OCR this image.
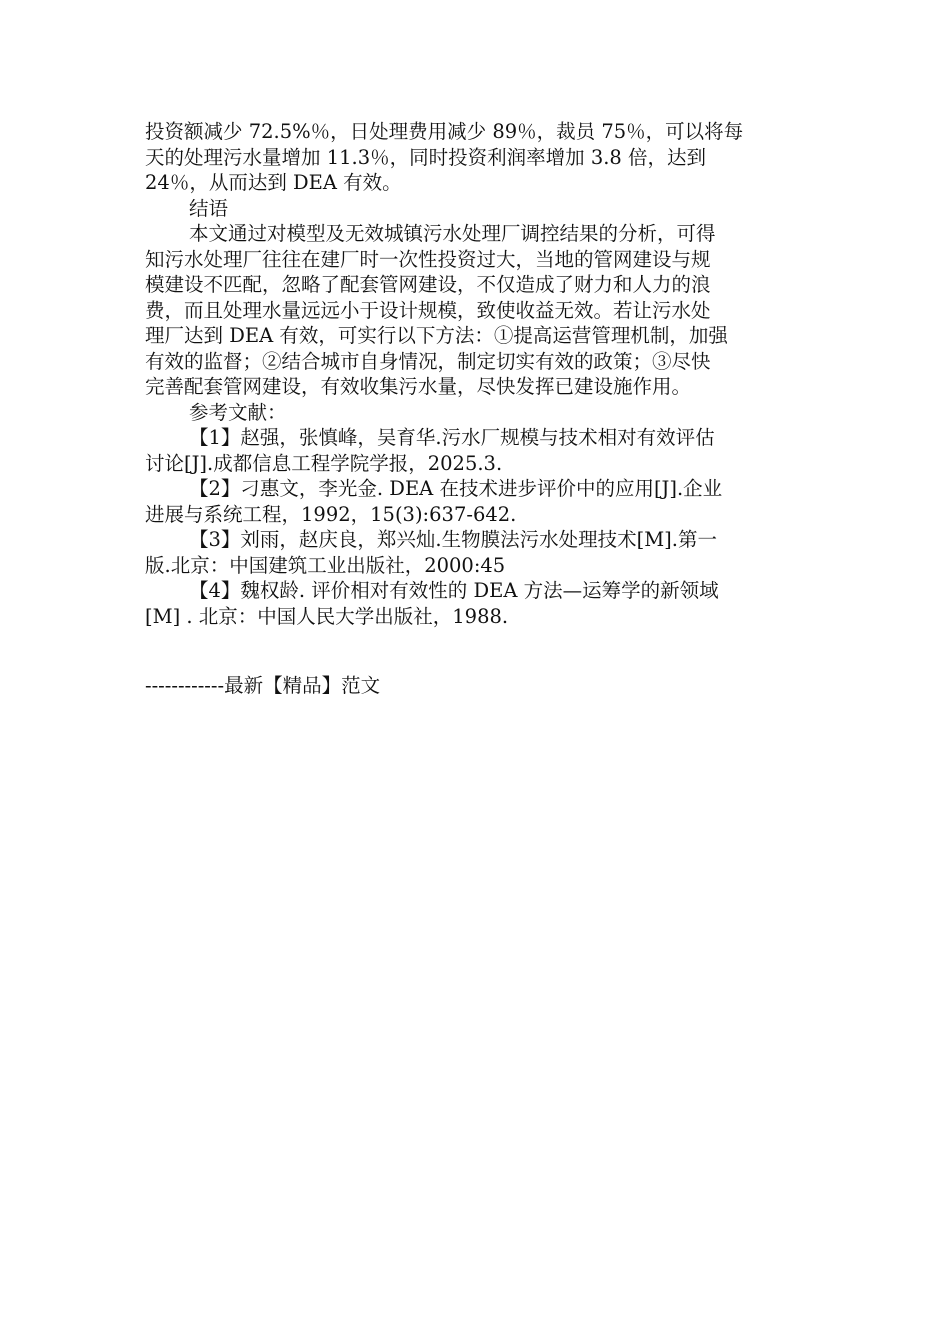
投资额减少 72.5%％，日处理费用减少 89％，裁员 75％，可以将每
天的处理污水量增加 11.3％，同时投资利润率增加 3.8 倍，达到
24％，从而达到 DEA 有效。
结语
本文通过对模型及无效城镇污水处理厂调控结果的分析，可得
知污水处理厂往往在建厂时一次性投资过大，当地的管网建设与规
模建设不匹配，忽略了配套管网建设，不仅造成了财力和人力的浪
费，而且处理水量远远小于设计规模，致使收益无效。若让污水处
理厂达到 DEA 有效，可实行以下方法：①提高运营管理机制，加强
有效的监督；②结合城市自身情况，制定切实有效的政策；③尽快
完善配套管网建设，有效收集污水量，尽快发挥已建设施作用。
参考文献：
【1】赵强，张慎峰，吴育华.污水厂规模与技术相对有效评估
讨论[J].成都信息工程学院学报，2025.3.
【2】刁惠文，李光金. DEA 在技术进步评价中的应用[J].企业
进展与系统工程，1992，15(3):637-642.
【3】刘雨，赵庆良，郑兴灿.生物膜法污水处理技术[M].第一
版.北京：中国建筑工业出版社，2000:45
【4】魏权龄. 评价相对有效性的 DEA 方法—运筹学的新领域
[M] . 北京：中国人民大学出版社，1988.
------------最新【精品】范文
